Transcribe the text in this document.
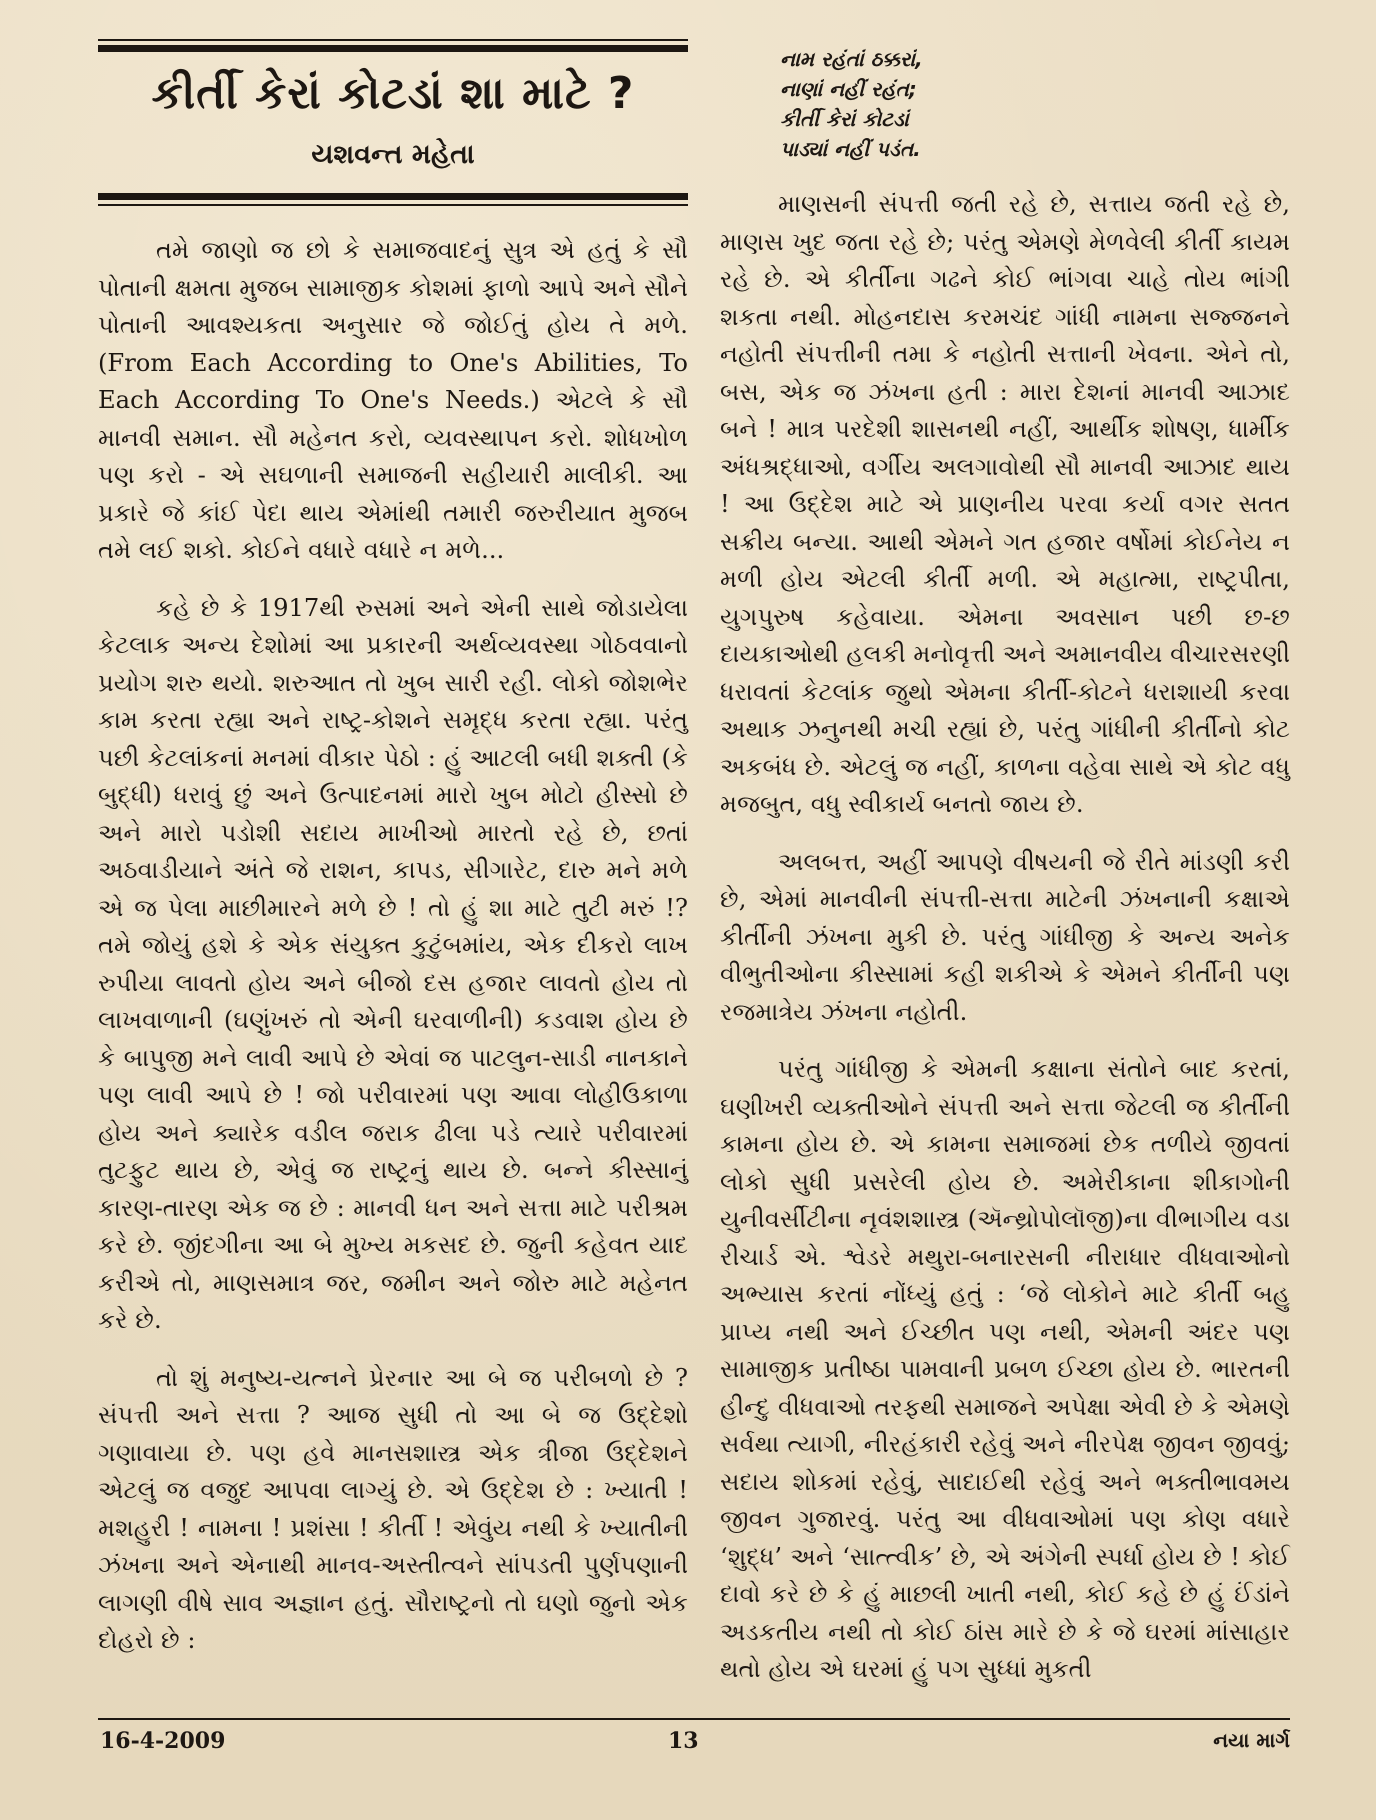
કીર્તી કેરાં કોટડાં શા માટે ?
યશવન્ત મહેતા

તમે જાણો જ છો કે સમાજવાદનું સુત્ર એ હતું કે સૌ પોતાની ક્ષમતા મુજબ સામાજીક કોશમાં ફાળો આપે અને સૌને પોતાની આવશ્યકતા અનુસાર જે જોઈતું હોય તે મળે. (From Each According to One's Abilities, To Each According To One's Needs.) એટલે કે સૌ માનવી સમાન. સૌ મહેનત કરો, વ્યવસ્થાપન કરો. શોધખોળ પણ કરો - એ સઘળાની સમાજની સહીયારી માલીકી. આ પ્રકારે જે કાંઈ પેદા થાય એમાંથી તમારી જરુરીયાત મુજબ તમે લઈ શકો. કોઈને વધારે વધારે ન મળે...

કહે છે કે 1917થી રુસમાં અને એની સાથે જોડાયેલા કેટલાક અન્ય દેશોમાં આ પ્રકારની અર્થવ્યવસ્થા ગોઠવવાનો પ્રયોગ શરુ થયો. શરુઆત તો ખુબ સારી રહી. લોકો જોશભેર કામ કરતા રહ્યા અને રાષ્ટ્ર-કોશને સમૃદ્ધ કરતા રહ્યા. પરંતુ પછી કેટલાંકનાં મનમાં વીકાર પેઠો : હું આટલી બધી શક્તી (કે બુદ્ધી) ધરાવું છું અને ઉત્પાદનમાં મારો ખુબ મોટો હીસ્સો છે અને મારો પડોશી સદાય માખીઓ મારતો રહે છે, છતાં અઠવાડીયાને અંતે જે રાશન, કાપડ, સીગારેટ, દારુ મને મળે એ જ પેલા માછીમારને મળે છે ! તો હું શા માટે તુટી મરું !? તમે જોયું હશે કે એક સંયુક્ત કુટુંબમાંય, એક દીકરો લાખ રુપીયા લાવતો હોય અને બીજો દસ હજાર લાવતો હોય તો લાખવાળાની (ઘણુંખરું તો એની ઘરવાળીની) કડવાશ હોય છે કે બાપુજી મને લાવી આપે છે એવાં જ પાટલુન-સાડી નાનકાને પણ લાવી આપે છે ! જો પરીવારમાં પણ આવા લોહીઉકાળા હોય અને ક્યારેક વડીલ જરાક ઢીલા પડે ત્યારે પરીવારમાં તુટફુટ થાય છે, એવું જ રાષ્ટ્રનું થાય છે. બન્ને કીસ્સાનું કારણ-તારણ એક જ છે : માનવી ધન અને સત્તા માટે પરીશ્રમ કરે છે. જીંદગીના આ બે મુખ્ય મકસદ છે. જુની કહેવત યાદ કરીએ તો, માણસમાત્ર જર, જમીન અને જોરુ માટે મહેનત કરે છે.

તો શું મનુષ્ય-યત્નને પ્રેરનાર આ બે જ પરીબળો છે ? સંપત્તી અને સત્તા ? આજ સુધી તો આ બે જ ઉદ્દેશો ગણાવાયા છે. પણ હવે માનસશાસ્ત્ર એક ત્રીજા ઉદ્દેશને એટલું જ વજુદ આપવા લાગ્યું છે. એ ઉદ્દેશ છે : ખ્યાતી ! મશહુરી ! નામના ! પ્રશંસા ! કીર્તી ! એવુંય નથી કે ખ્યાતીની ઝંખના અને એનાથી માનવ-અસ્તીત્વને સાંપડતી પુર્ણપણાની લાગણી વીષે સાવ અજ્ઞાન હતું. સૌરાષ્ટ્રનો તો ઘણો જુનો એક દોહરો છે :

નામ રહંતાં ઠક્કરાં,
નાણાં નહીં રહંત;
કીર્તી કેરાં કોટડાં
પાડ્યાં નહીં પડંત.

માણસની સંપત્તી જતી રહે છે, સત્તાય જતી રહે છે, માણસ ખુદ જતા રહે છે; પરંતુ એમણે મેળવેલી કીર્તી કાયમ રહે છે. એ કીર્તીના ગઢને કોઈ ભાંગવા ચાહે તોય ભાંગી શકતા નથી. મોહનદાસ કરમચંદ ગાંધી નામના સજ્જનને નહોતી સંપત્તીની તમા કે નહોતી સત્તાની ખેવના. એને તો, બસ, એક જ ઝંખના હતી : મારા દેશનાં માનવી આઝાદ બને ! માત્ર પરદેશી શાસનથી નહીં, આર્થીક શોષણ, ધાર્મીક અંધશ્રદ્ધાઓ, વર્ગીય અલગાવોથી સૌ માનવી આઝાદ થાય ! આ ઉદ્દેશ માટે એ પ્રાણનીય પરવા કર્યા વગર સતત સક્રીય બન્યા. આથી એમને ગત હજાર વર્ષોમાં કોઈનેય ન મળી હોય એટલી કીર્તી મળી. એ મહાત્મા, રાષ્ટ્રપીતા, યુગપુરુષ કહેવાયા. એમના અવસાન પછી છ-છ દાયકાઓથી હલકી મનોવૃત્તી અને અમાનવીય વીચારસરણી ધરાવતાં કેટલાંક જુથો એમના કીર્તી-કોટને ધરાશાયી કરવા અથાક ઝનુનથી મચી રહ્યાં છે, પરંતુ ગાંધીની કીર્તીનો કોટ અકબંધ છે. એટલું જ નહીં, કાળના વહેવા સાથે એ કોટ વધુ મજબુત, વધુ સ્વીકાર્ય બનતો જાય છે.

અલબત્ત, અહીં આપણે વીષયની જે રીતે માંડણી કરી છે, એમાં માનવીની સંપત્તી-સત્તા માટેની ઝંખનાની કક્ષાએ કીર્તીની ઝંખના મુકી છે. પરંતુ ગાંધીજી કે અન્ય અનેક વીભુતીઓના કીસ્સામાં કહી શકીએ કે એમને કીર્તીની પણ રજમાત્રેય ઝંખના નહોતી.

પરંતુ ગાંધીજી કે એમની કક્ષાના સંતોને બાદ કરતાં, ઘણીખરી વ્યક્તીઓને સંપત્તી અને સત્તા જેટલી જ કીર્તીની કામના હોય છે. એ કામના સમાજમાં છેક તળીયે જીવતાં લોકો સુધી પ્રસરેલી હોય છે. અમેરીકાના શીકાગોની યુનીવર્સીટીના નૃવંશશાસ્ત્ર (ઍન્થ્રોપોલૉજી)ના વીભાગીય વડા રીચાર્ડ એ. શ્વેડરે મથુરા-બનારસની નીરાધાર વીધવાઓનો અભ્યાસ કરતાં નોંધ્યું હતું : ‘જે લોકોને માટે કીર્તી બહુ પ્રાપ્ય નથી અને ઈચ્છીત પણ નથી, એમની અંદર પણ સામાજીક પ્રતીષ્ઠા પામવાની પ્રબળ ઈચ્છા હોય છે. ભારતની હીન્દુ વીધવાઓ તરફથી સમાજને અપેક્ષા એવી છે કે એમણે સર્વથા ત્યાગી, નીરહંકારી રહેવું અને નીરપેક્ષ જીવન જીવવું; સદાય શોકમાં રહેવું, સાદાઈથી રહેવું અને ભક્તીભાવમય જીવન ગુજારવું. પરંતુ આ વીધવાઓમાં પણ કોણ વધારે ‘શુદ્ધ’ અને ‘સાત્ત્વીક’ છે, એ અંગેની સ્પર્ધા હોય છે ! કોઈ દાવો કરે છે કે હું માછલી ખાતી નથી, કોઈ કહે છે હું ઈંડાંને અડકતીય નથી તો કોઈ ઠાંસ મારે છે કે જે ઘરમાં માંસાહાર થતો હોય એ ઘરમાં હું પગ સુધ્ધાં મુકતી

16-4-2009	13	નયા માર્ગ
